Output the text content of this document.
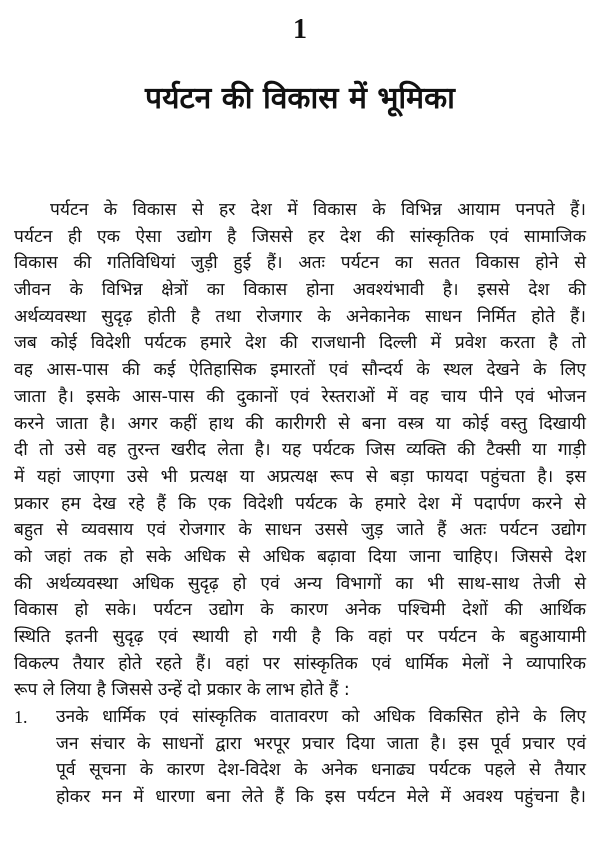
1
पर्यटन की विकास में भूमिका
पर्यटन के विकास से हर देश में विकास के विभिन्न आयाम पनपते हैं।
पर्यटन ही एक ऐसा उद्योग है जिससे हर देश की सांस्कृतिक एवं सामाजिक
विकास की गतिविधियां जुड़ी हुई हैं। अतः पर्यटन का सतत विकास होने से
जीवन के विभिन्न क्षेत्रों का विकास होना अवश्यंभावी है। इससे देश की
अर्थव्यवस्था सुदृढ़ होती है तथा रोजगार के अनेकानेक साधन निर्मित होते हैं।
जब कोई विदेशी पर्यटक हमारे देश की राजधानी दिल्ली में प्रवेश करता है तो
वह आस-पास की कई ऐतिहासिक इमारतों एवं सौन्दर्य के स्थल देखने के लिए
जाता है। इसके आस-पास की दुकानों एवं रेस्तराओं में वह चाय पीने एवं भोजन
करने जाता है। अगर कहीं हाथ की कारीगरी से बना वस्त्र या कोई वस्तु दिखायी
दी तो उसे वह तुरन्त खरीद लेता है। यह पर्यटक जिस व्यक्ति की टैक्सी या गाड़ी
में यहां जाएगा उसे भी प्रत्यक्ष या अप्रत्यक्ष रूप से बड़ा फायदा पहुंचता है। इस
प्रकार हम देख रहे हैं कि एक विदेशी पर्यटक के हमारे देश में पदार्पण करने से
बहुत से व्यवसाय एवं रोजगार के साधन उससे जुड़ जाते हैं अतः पर्यटन उद्योग
को जहां तक हो सके अधिक से अधिक बढ़ावा दिया जाना चाहिए। जिससे देश
की अर्थव्यवस्था अधिक सुदृढ़ हो एवं अन्य विभागों का भी साथ-साथ तेजी से
विकास हो सके। पर्यटन उद्योग के कारण अनेक पश्चिमी देशों की आर्थिक
स्थिति इतनी सुदृढ़ एवं स्थायी हो गयी है कि वहां पर पर्यटन के बहुआयामी
विकल्प तैयार होते रहते हैं। वहां पर सांस्कृतिक एवं धार्मिक मेलों ने व्यापारिक
रूप ले लिया है जिससे उन्हें दो प्रकार के लाभ होते हैं :
1. उनके धार्मिक एवं सांस्कृतिक वातावरण को अधिक विकसित होने के लिए
जन संचार के साधनों द्वारा भरपूर प्रचार दिया जाता है। इस पूर्व प्रचार एवं
पूर्व सूचना के कारण देश-विदेश के अनेक धनाढ्य पर्यटक पहले से तैयार
होकर मन में धारणा बना लेते हैं कि इस पर्यटन मेले में अवश्य पहुंचना है।
